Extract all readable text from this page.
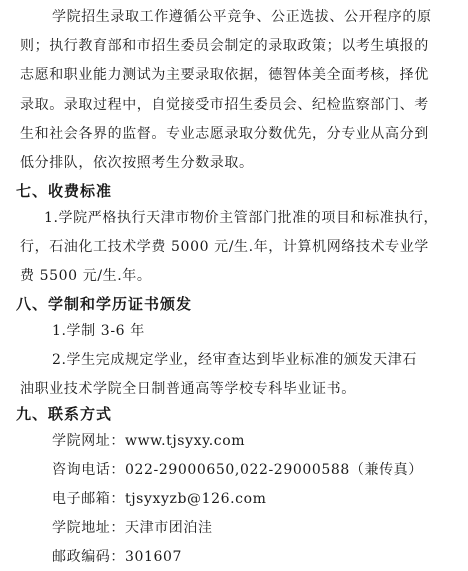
学院招生录取工作遵循公平竞争、公正选拔、公开程序的原
则；执行教育部和市招生委员会制定的录取政策；以考生填报的
志愿和职业能力测试为主要录取依据，德智体美全面考核，择优
录取。录取过程中，自觉接受市招生委员会、纪检监察部门、考
生和社会各界的监督。专业志愿录取分数优先，分专业从高分到
低分排队，依次按照考生分数录取。
七、收费标准
1.学院严格执行天津市物价主管部门批准的项目和标准执行，
行，石油化工技术学费 5000 元/生.年，计算机网络技术专业学
费 5500 元/生.年。
八、学制和学历证书颁发
1.学制 3-6 年
2.学生完成规定学业，经审查达到毕业标准的颁发天津石
油职业技术学院全日制普通高等学校专科毕业证书。
九、联系方式
学院网址：www.tjsyxy.com
咨询电话：022-29000650,022-29000588（兼传真）
电子邮箱：tjsyxyzb@126.com
学院地址：天津市团泊洼
邮政编码：301607
